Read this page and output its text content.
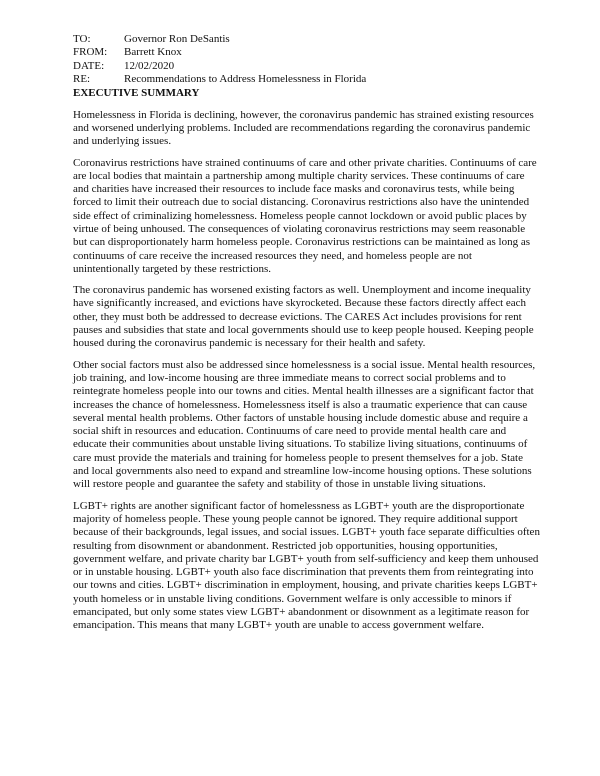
TO:	Governor Ron DeSantis
FROM:	Barrett Knox
DATE:	12/02/2020
RE:	Recommendations to Address Homelessness in Florida
EXECUTIVE SUMMARY

Homelessness in Florida is declining, however, the coronavirus pandemic has strained existing resources and worsened underlying problems. Included are recommendations regarding the coronavirus pandemic and underlying issues.

Coronavirus restrictions have strained continuums of care and other private charities. Continuums of care are local bodies that maintain a partnership among multiple charity services. These continuums of care and charities have increased their resources to include face masks and coronavirus tests, while being forced to limit their outreach due to social distancing. Coronavirus restrictions also have the unintended side effect of criminalizing homelessness. Homeless people cannot lockdown or avoid public places by virtue of being unhoused. The consequences of violating coronavirus restrictions may seem reasonable but can disproportionately harm homeless people. Coronavirus restrictions can be maintained as long as continuums of care receive the increased resources they need, and homeless people are not unintentionally targeted by these restrictions.

The coronavirus pandemic has worsened existing factors as well. Unemployment and income inequality have significantly increased, and evictions have skyrocketed. Because these factors directly affect each other, they must both be addressed to decrease evictions. The CARES Act includes provisions for rent pauses and subsidies that state and local governments should use to keep people housed. Keeping people housed during the coronavirus pandemic is necessary for their health and safety.

Other social factors must also be addressed since homelessness is a social issue. Mental health resources, job training, and low-income housing are three immediate means to correct social problems and to reintegrate homeless people into our towns and cities. Mental health illnesses are a significant factor that increases the chance of homelessness. Homelessness itself is also a traumatic experience that can cause several mental health problems. Other factors of unstable housing include domestic abuse and require a social shift in resources and education. Continuums of care need to provide mental health care and educate their communities about unstable living situations. To stabilize living situations, continuums of care must provide the materials and training for homeless people to present themselves for a job. State and local governments also need to expand and streamline low-income housing options. These solutions will restore people and guarantee the safety and stability of those in unstable living situations.

LGBT+ rights are another significant factor of homelessness as LGBT+ youth are the disproportionate majority of homeless people. These young people cannot be ignored. They require additional support because of their backgrounds, legal issues, and social issues. LGBT+ youth face separate difficulties often resulting from disownment or abandonment. Restricted job opportunities, housing opportunities, government welfare, and private charity bar LGBT+ youth from self-sufficiency and keep them unhoused or in unstable housing. LGBT+ youth also face discrimination that prevents them from reintegrating into our towns and cities. LGBT+ discrimination in employment, housing, and private charities keeps LGBT+ youth homeless or in unstable living conditions. Government welfare is only accessible to minors if emancipated, but only some states view LGBT+ abandonment or disownment as a legitimate reason for emancipation. This means that many LGBT+ youth are unable to access government welfare.
